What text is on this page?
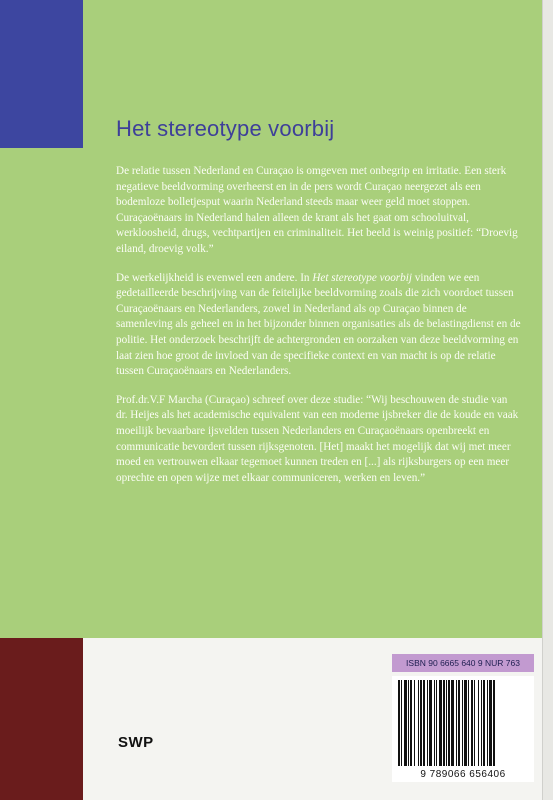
Het stereotype voorbij

De relatie tussen Nederland en Curaçao is omgeven met onbegrip en irritatie. Een sterk negatieve beeldvorming overheerst en in de pers wordt Curaçao neergezet als een bodemloze bolletjesput waarin Nederland steeds maar weer geld moet stoppen. Curaçaoënaars in Nederland halen alleen de krant als het gaat om schooluitval, werkloosheid, drugs, vechtpartijen en criminaliteit. Het beeld is weinig positief: “Droevig eiland, droevig volk.”

De werkelijkheid is evenwel een andere. In Het stereotype voorbij vinden we een gedetailleerde beschrijving van de feitelijke beeldvorming zoals die zich voordoet tussen Curaçaoënaars en Nederlanders, zowel in Nederland als op Curaçao binnen de samenleving als geheel en in het bijzonder binnen organisaties als de belastingdienst en de politie. Het onderzoek beschrijft de achtergronden en oorzaken van deze beeldvorming en laat zien hoe groot de invloed van de specifieke context en van macht is op de relatie tussen Curaçaoënaars en Nederlanders.

Prof.dr.V.F Marcha (Curaçao) schreef over deze studie: “Wij beschouwen de studie van dr. Heijes als het academische equivalent van een moderne ijsbreker die de koude en vaak moeilijk bevaarbare ijsvelden tussen Nederlanders en Curaçaoënaars openbreekt en communicatie bevordert tussen rijksgenoten. [Het] maakt het mogelijk dat wij met meer moed en vertrouwen elkaar tegemoet kunnen treden en [...] als rijksburgers op een meer oprechte en open wijze met elkaar communiceren, werken en leven.”

ISBN 90 6665 640 9 NUR 763
9 789066 656406
SWP
